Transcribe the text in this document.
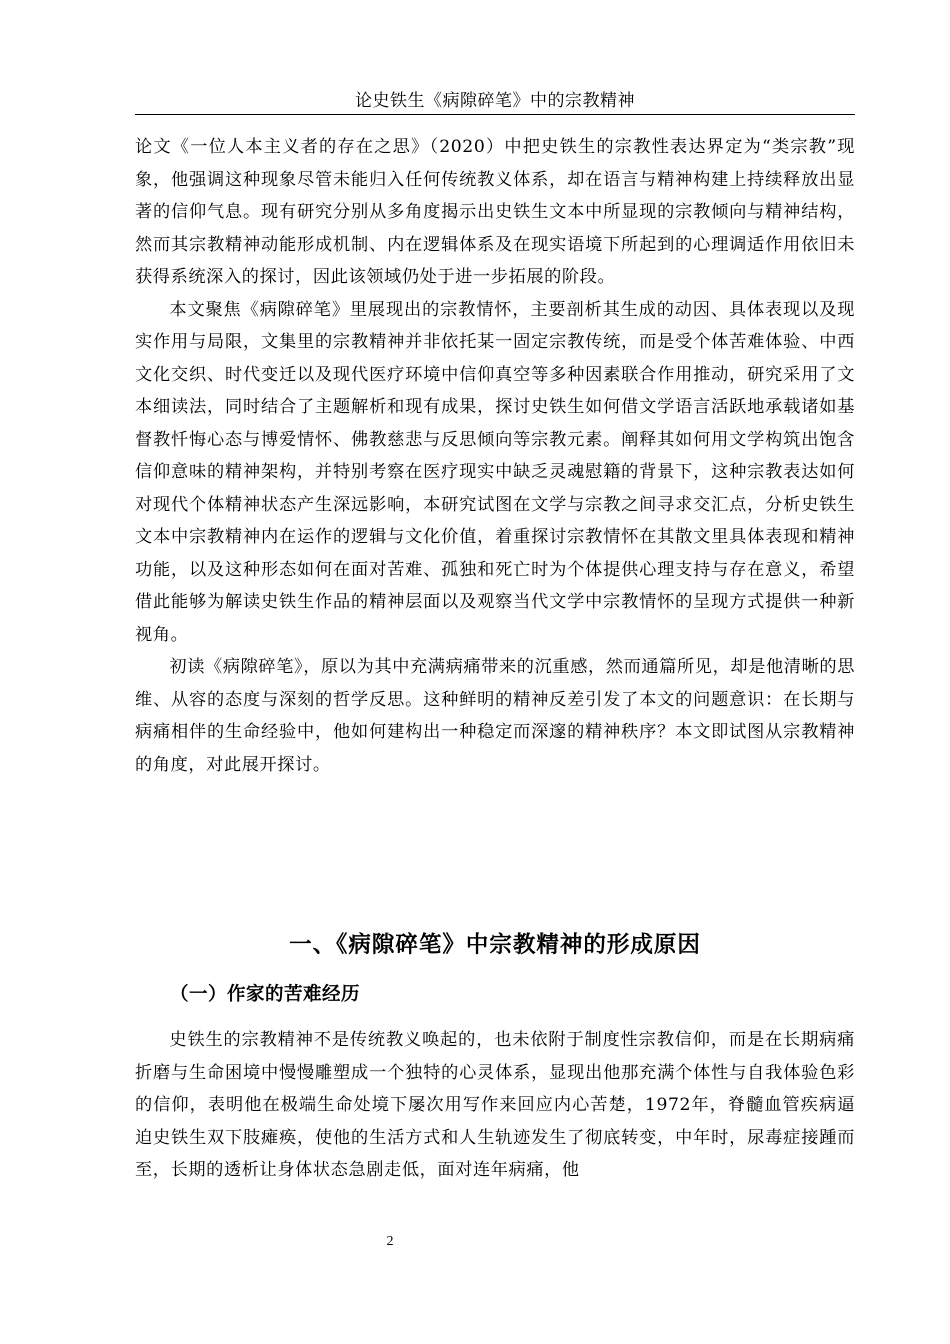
论史铁生《病隙碎笔》中的宗教精神

论文《一位人本主义者的存在之思》（2020）中把史铁生的宗教性表达界定为“类宗教”现象，他强调这种现象尽管未能归入任何传统教义体系，却在语言与精神构建上持续释放出显著的信仰气息。现有研究分别从多角度揭示出史铁生文本中所显现的宗教倾向与精神结构，然而其宗教精神动能形成机制、内在逻辑体系及在现实语境下所起到的心理调适作用依旧未获得系统深入的探讨，因此该领域仍处于进一步拓展的阶段。

本文聚焦《病隙碎笔》里展现出的宗教情怀，主要剖析其生成的动因、具体表现以及现实作用与局限，文集里的宗教精神并非依托某一固定宗教传统，而是受个体苦难体验、中西文化交织、时代变迁以及现代医疗环境中信仰真空等多种因素联合作用推动，研究采用了文本细读法，同时结合了主题解析和现有成果，探讨史铁生如何借文学语言活跃地承载诸如基督教忏悔心态与博爱情怀、佛教慈悲与反思倾向等宗教元素。阐释其如何用文学构筑出饱含信仰意味的精神架构，并特别考察在医疗现实中缺乏灵魂慰籍的背景下，这种宗教表达如何对现代个体精神状态产生深远影响，本研究试图在文学与宗教之间寻求交汇点，分析史铁生文本中宗教精神内在运作的逻辑与文化价值，着重探讨宗教情怀在其散文里具体表现和精神功能，以及这种形态如何在面对苦难、孤独和死亡时为个体提供心理支持与存在意义，希望借此能够为解读史铁生作品的精神层面以及观察当代文学中宗教情怀的呈现方式提供一种新视角。

初读《病隙碎笔》，原以为其中充满病痛带来的沉重感，然而通篇所见，却是他清晰的思维、从容的态度与深刻的哲学反思。这种鲜明的精神反差引发了本文的问题意识：在长期与病痛相伴的生命经验中，他如何建构出一种稳定而深邃的精神秩序？本文即试图从宗教精神的角度，对此展开探讨。

一、《病隙碎笔》中宗教精神的形成原因
（一）作家的苦难经历

史铁生的宗教精神不是传统教义唤起的，也未依附于制度性宗教信仰，而是在长期病痛折磨与生命困境中慢慢雕塑成一个独特的心灵体系，显现出他那充满个体性与自我体验色彩的信仰，表明他在极端生命处境下屡次用写作来回应内心苦楚，1972年，脊髓血管疾病逼迫史铁生双下肢瘫痪，使他的生活方式和人生轨迹发生了彻底转变，中年时，尿毒症接踵而至，长期的透析让身体状态急剧走低，面对连年病痛，他

2
